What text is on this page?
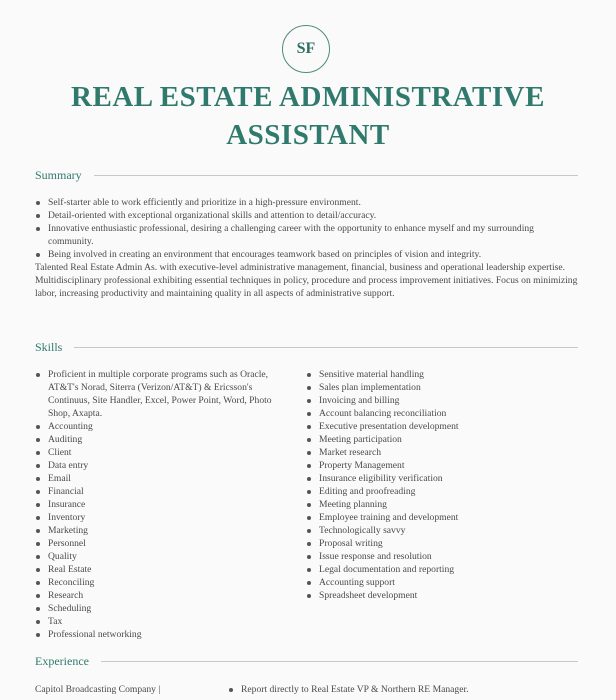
SF
REAL ESTATE ADMINISTRATIVE ASSISTANT
Summary
Self-starter able to work efficiently and prioritize in a high-pressure environment.
Detail-oriented with exceptional organizational skills and attention to detail/accuracy.
Innovative enthusiastic professional, desiring a challenging career with the opportunity to enhance myself and my surrounding community.
Being involved in creating an environment that encourages teamwork based on principles of vision and integrity.
Talented Real Estate Admin As. with executive-level administrative management, financial, business and operational leadership expertise. Multidisciplinary professional exhibiting essential techniques in policy, procedure and process improvement initiatives. Focus on minimizing labor, increasing productivity and maintaining quality in all aspects of administrative support.
Skills
Proficient in multiple corporate programs such as Oracle, AT&T's Norad, Siterra (Verizon/AT&T) & Ericsson's Continuus, Site Handler, Excel, Power Point, Word, Photo Shop, Axapta.
Accounting
Auditing
Client
Data entry
Email
Financial
Insurance
Inventory
Marketing
Personnel
Quality
Real Estate
Reconciling
Research
Scheduling
Tax
Professional networking
Sensitive material handling
Sales plan implementation
Invoicing and billing
Account balancing reconciliation
Executive presentation development
Meeting participation
Market research
Property Management
Insurance eligibility verification
Editing and proofreading
Meeting planning
Employee training and development
Technologically savvy
Proposal writing
Issue response and resolution
Legal documentation and reporting
Accounting support
Spreadsheet development
Experience
Capitol Broadcasting Company |	Report directly to Real Estate VP & Northern RE Manager.
